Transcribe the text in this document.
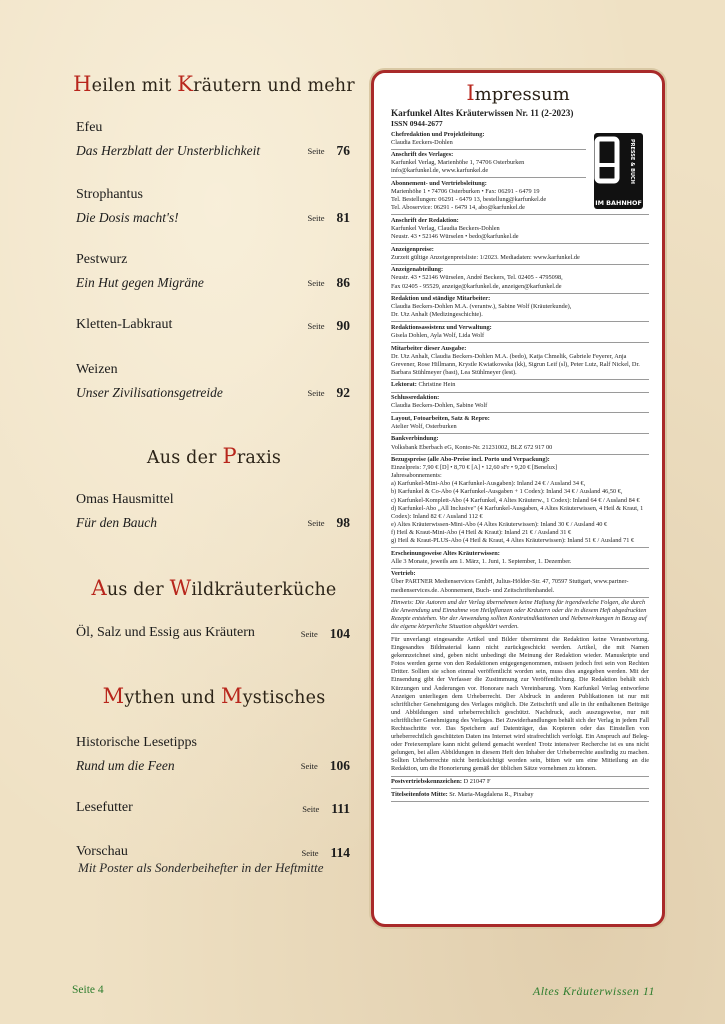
Heilen mit Kräutern und mehr
Efeu
Das Herzblatt der Unsterblichkeit	Seite 76
Strophantus
Die Dosis macht's!	Seite 81
Pestwurz
Ein Hut gegen Migräne	Seite 86
Kletten-Labkraut	Seite 90
Weizen
Unser Zivilisationsgetreide	Seite 92
Aus der Praxis
Omas Hausmittel
Für den Bauch	Seite 98
Aus der Wildkräuterküche
Öl, Salz und Essig aus Kräutern	Seite 104
Mythen und Mystisches
Historische Lesetipps
Rund um die Feen	Seite 106
Lesefutter	Seite 111
Vorschau	Seite 114
Mit Poster als Sonderbeihefter in der Heftmitte
Impressum
PRESSE & BUCH
IM BAHNHOF
Karfunkel Altes Kräuterwissen Nr. 11 (2-2023)
ISSN 0944-2677
Chefredaktion und Projektleitung:
Claudia Eeckers-Dohlen
Anschrift des Verlages:
Karfunkel Verlag, Marienhöhe 1, 74706 Osterburken
info@karfunkel.de, www.karfunkel.de
Abonnement- und Vertriebsleitung:
Marienhöhe 1 • 74706 Osterburken • Fax: 06291 - 6479 19
Tel. Bestellungen: 06291 - 6479 13, bestellung@karfunkel.de
Tel. Aboservice: 06291 - 6479 14, abo@karfunkel.de
Anschrift der Redaktion:
Karfunkel Verlag, Claudia Beckers-Dohlen
Neustr. 43 • 52146 Würselen • bedo@karfunkel.de
Anzeigenpreise:
Zurzeit gültige Anzeigenpreisliste: 1/2023. Mediadaten: www.karfunkel.de
Anzeigenabteilung:
Neustr. 43 • 52146 Würselen, André Beckers, Tel. 02405 - 4795098,
Fax 02405 - 95529, anzeige@karfunkel.de, anzeigen@karfunkel.de
Redaktion und ständige Mitarbeiter:
Claudia Beckers-Dohlen M.A. (verantw.), Sabine Wolf (Kräuterkunde),
Dr. Utz Anhalt (Medizingeschichte).
Redaktionsassistenz und Verwaltung:
Gisela Dohlen, Ayla Wolf, Lida Wolf
Mitarbeiter dieser Ausgabe:
Dr. Utz Anhalt, Claudia Beckers-Dohlen M.A. (bedo), Katja Chmelik, Gabriele Feyerer, Anja Grevener, Rose Hillmann, Krystle Kwiatkowska (kk), Sigrun Leif (sl), Peter Lutz, Ralf Nickel, Dr. Barbara Stühlmeyer (bast), Lea Stühlmeyer (lest).
Lektorat: Christine Hein
Schlussredaktion:
Claudia Beckers-Dohlen, Sabine Wolf
Layout, Fotoarbeiten, Satz & Repro:
Atelier Wolf, Osterburken
Bankverbindung:
Volksbank Eberbach eG, Konto-Nr. 21231002, BLZ 672 917 00
Bezugspreise (alle Abo-Preise incl. Porto und Verpackung):
Einzelpreis: 7,90 € [D] • 8,70 € [A] • 12,60 sFr • 9,20 € [Benelux]
Jahresabonnements:
a) Karfunkel-Mini-Abo (4 Karfunkel-Ausgaben): Inland 24 € / Ausland 34 €,
b) Karfunkel & Co-Abo (4 Karfunkel-Ausgaben + 1 Codex): Inland 34 € / Ausland 46,50 €,
c) Karfunkel-Komplett-Abo (4 Karfunkel, 4 Altes Kräuterw., 1 Codex): Inland 64 € / Ausland 84 €
d) Karfunkel-Abo „All Inclusive" (4 Karfunkel-Ausgaben, 4 Altes Kräuterwissen, 4 Heil & Kraut, 1 Codex): Inland 82 € / Ausland 112 €
e) Altes Kräuterwissen-Mini-Abo (4 Altes Kräuterwissen): Inland 30 € / Ausland 40 €
f) Heil & Kraut-Mini-Abo (4 Heil & Kraut): Inland 21 € / Ausland 31 €
g) Heil & Kraut-PLUS-Abo (4 Heil & Kraut, 4 Altes Kräuterwissen): Inland 51 € / Ausland 71 €
Erscheinungsweise Altes Kräuterwissen:
Alle 3 Monate, jeweils am 1. März, 1. Juni, 1. September, 1. Dezember.
Vertrieb:
Über PARTNER Medienservices GmbH, Julius-Hölder-Str. 47, 70597 Stuttgart, www.partner-medienservices.de. Abonnement, Buch- und Zeitschriftenhandel.
Hinweis: Die Autoren und der Verlag übernehmen keine Haftung für irgendwelche Folgen, die durch die Anwendung und Einnahme von Heilpflanzen oder Kräutern oder die in diesem Heft abgedruckten Rezepte entstehen. Vor der Anwendung sollten Kontraindikationen und Nebenwirkungen in Bezug auf die eigene körperliche Situation abgeklärt werden.
Für unverlangt eingesandte Artikel und Bilder übernimmt die Redaktion keine Verantwortung. Eingesandtes Bildmaterial kann nicht zurückgeschickt werden. Artikel, die mit Namen gekennzeichnet sind, geben nicht unbedingt die Meinung der Redaktion wieder. Manuskripte und Fotos werden gerne von den Redaktionen entgegengenommen, müssen jedoch frei sein von Rechten Dritter. Sollten sie schon einmal veröffentlicht worden sein, muss dies angegeben werden. Mit der Einsendung gibt der Verfasser die Zustimmung zur Veröffentlichung. Die Redaktion behält sich Kürzungen und Änderungen vor. Honorare nach Vereinbarung. Vom Karfunkel Verlag entworfene Anzeigen unterliegen dem Urheberrecht. Der Abdruck in anderen Publikationen ist nur mit schriftlicher Genehmigung des Verlages möglich. Die Zeitschrift und alle in ihr enthaltenen Beiträge und Abbildungen sind urheberrechtlich geschützt. Nachdruck, auch auszugsweise, nur mit schriftlicher Genehmigung des Verlages. Bei Zuwiderhandlungen behält sich der Verlag in jedem Fall Rechtsschritte vor. Das Speichern auf Datenträger, das Kopieren oder das Einstellen von urheberrechtlich geschützten Daten ins Internet wird strafrechtlich verfolgt. Ein Anspruch auf Beleg- oder Freiexemplare kann nicht geltend gemacht werden! Trotz intensiver Recherche ist es uns nicht gelungen, bei allen Abbildungen in diesem Heft den Inhaber der Urheberrechte ausfindig zu machen. Sollten Urheberrechte nicht berücksichtigt worden sein, bitten wir um eine Mitteilung an die Redaktion, um die Honorierung gemäß der üblichen Sätze vornehmen zu können.
Postvertriebskennzeichen: D 21047 F
Titelseitenfoto Mitte: Sr. Maria-Magdalena R., Pixabay
Seite 4	Altes Kräuterwissen 11
